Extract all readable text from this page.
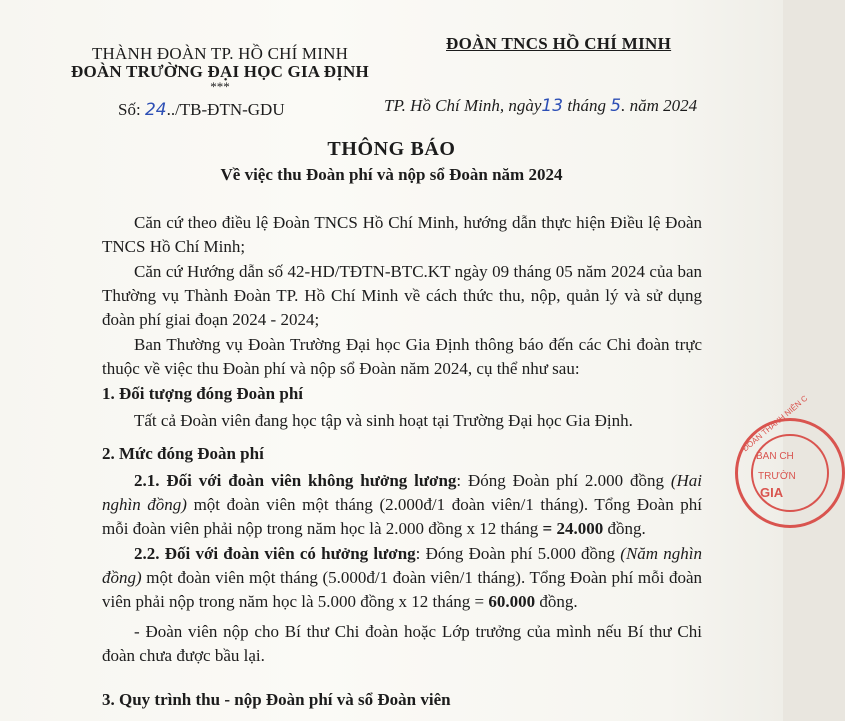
THÀNH ĐOÀN TP. HỒ CHÍ MINH
ĐOÀN TRƯỜNG ĐẠI HỌC GIA ĐỊNH
***
ĐOÀN TNCS HỒ CHÍ MINH
Số: 24../TB-ĐTN-GDU	TP. Hồ Chí Minh, ngày13 tháng 5. năm 2024
THÔNG BÁO
Về việc thu Đoàn phí và nộp sổ Đoàn năm 2024
Căn cứ theo điều lệ Đoàn TNCS Hồ Chí Minh, hướng dẫn thực hiện Điều lệ Đoàn TNCS Hồ Chí Minh;
Căn cứ Hướng dẫn số 42-HD/TĐTN-BTC.KT ngày 09 tháng 05 năm 2024 của ban Thường vụ Thành Đoàn TP. Hồ Chí Minh về cách thức thu, nộp, quản lý và sử dụng đoàn phí giai đoạn 2024 - 2024;
Ban Thường vụ Đoàn Trường Đại học Gia Định thông báo đến các Chi đoàn trực thuộc về việc thu Đoàn phí và nộp sổ Đoàn năm 2024, cụ thể như sau:
1. Đối tượng đóng Đoàn phí
Tất cả Đoàn viên đang học tập và sinh hoạt tại Trường Đại học Gia Định.
2. Mức đóng Đoàn phí
2.1. Đối với đoàn viên không hưởng lương: Đóng Đoàn phí 2.000 đồng (Hai nghìn đồng) một đoàn viên một tháng (2.000đ/1 đoàn viên/1 tháng). Tổng Đoàn phí mỗi đoàn viên phải nộp trong năm học là 2.000 đồng x 12 tháng = 24.000 đồng.
2.2. Đối với đoàn viên có hưởng lương: Đóng Đoàn phí 5.000 đồng (Năm nghìn đồng) một đoàn viên một tháng (5.000đ/1 đoàn viên/1 tháng). Tổng Đoàn phí mỗi đoàn viên phải nộp trong năm học là 5.000 đồng x 12 tháng = 60.000 đồng.
- Đoàn viên nộp cho Bí thư Chi đoàn hoặc Lớp trưởng của mình nếu Bí thư Chi đoàn chưa được bầu lại.
3. Quy trình thu - nộp Đoàn phí và sổ Đoàn viên
ĐOÀN THANH NIÊN C
BAN CH
TRƯỜN
GIA
